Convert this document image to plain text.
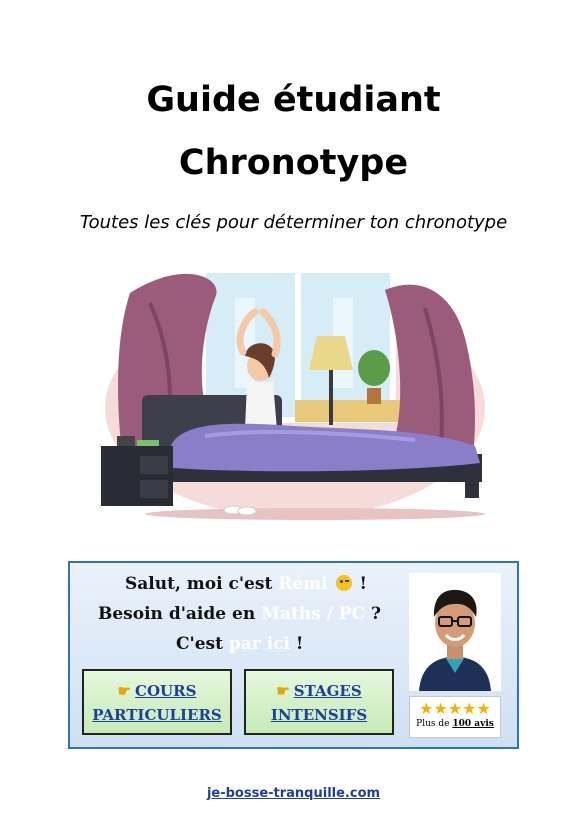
Guide étudiant
Chronotype
Toutes les clés pour déterminer ton chronotype
Salut, moi c'est Rémi  !
Besoin d'aide en Maths / PC ?
C'est par ici !
☛ COURS
PARTICULIERS
☛ STAGES
INTENSIFS	★★★★★
Plus de 100 avis
je-bosse-tranquille.com
